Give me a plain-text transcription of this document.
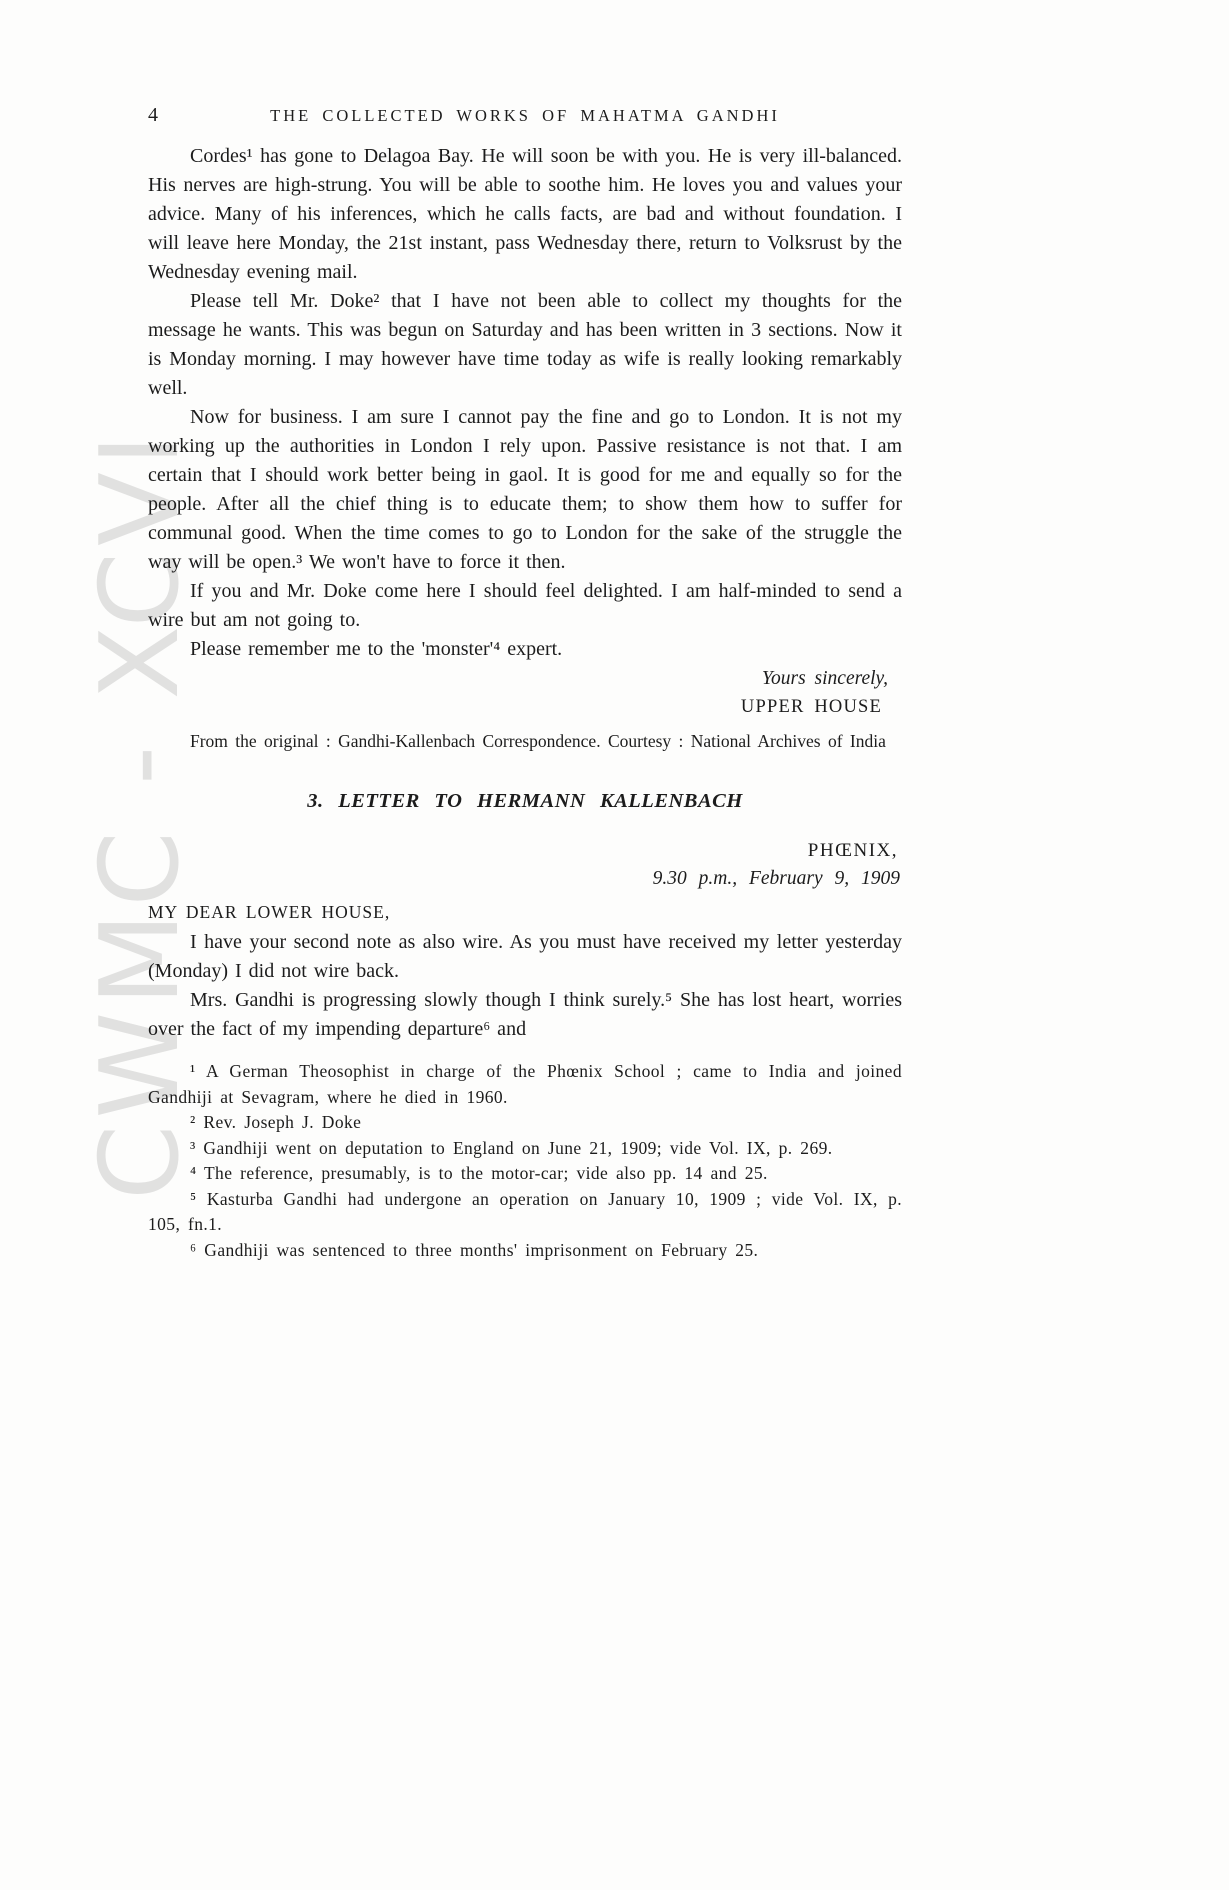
CWMC - XCVI
4	THE COLLECTED WORKS OF MAHATMA GANDHI

Cordes¹ has gone to Delagoa Bay. He will soon be with you. He is very ill-balanced. His nerves are high-strung. You will be able to soothe him. He loves you and values your advice. Many of his inferences, which he calls facts, are bad and without foundation. I will leave here Monday, the 21st instant, pass Wednesday there, return to Volksrust by the Wednesday evening mail.

Please tell Mr. Doke² that I have not been able to collect my thoughts for the message he wants. This was begun on Saturday and has been written in 3 sections. Now it is Monday morning. I may however have time today as wife is really looking remarkably well.

Now for business. I am sure I cannot pay the fine and go to London. It is not my working up the authorities in London I rely upon. Passive resistance is not that. I am certain that I should work better being in gaol. It is good for me and equally so for the people. After all the chief thing is to educate them; to show them how to suffer for communal good. When the time comes to go to London for the sake of the struggle the way will be open.³ We won't have to force it then.

If you and Mr. Doke come here I should feel delighted. I am half-minded to send a wire but am not going to.

Please remember me to the 'monster'⁴ expert.

Yours sincerely,

UPPER HOUSE

From the original : Gandhi-Kallenbach Correspondence. Courtesy : National Archives of India

3. LETTER TO HERMANN KALLENBACH

PHŒNIX,

9.30 p.m., February 9, 1909

MY DEAR LOWER HOUSE,

I have your second note as also wire. As you must have received my letter yesterday (Monday) I did not wire back.

Mrs. Gandhi is progressing slowly though I think surely.⁵ She has lost heart, worries over the fact of my impending departure⁶ and

¹ A German Theosophist in charge of the Phœnix School ; came to India and joined Gandhiji at Sevagram, where he died in 1960.

² Rev. Joseph J. Doke

³ Gandhiji went on deputation to England on June 21, 1909; vide Vol. IX, p. 269.

⁴ The reference, presumably, is to the motor-car; vide also pp. 14 and 25.

⁵ Kasturba Gandhi had undergone an operation on January 10, 1909 ; vide Vol. IX, p. 105, fn.1.

⁶ Gandhiji was sentenced to three months' imprisonment on February 25.
